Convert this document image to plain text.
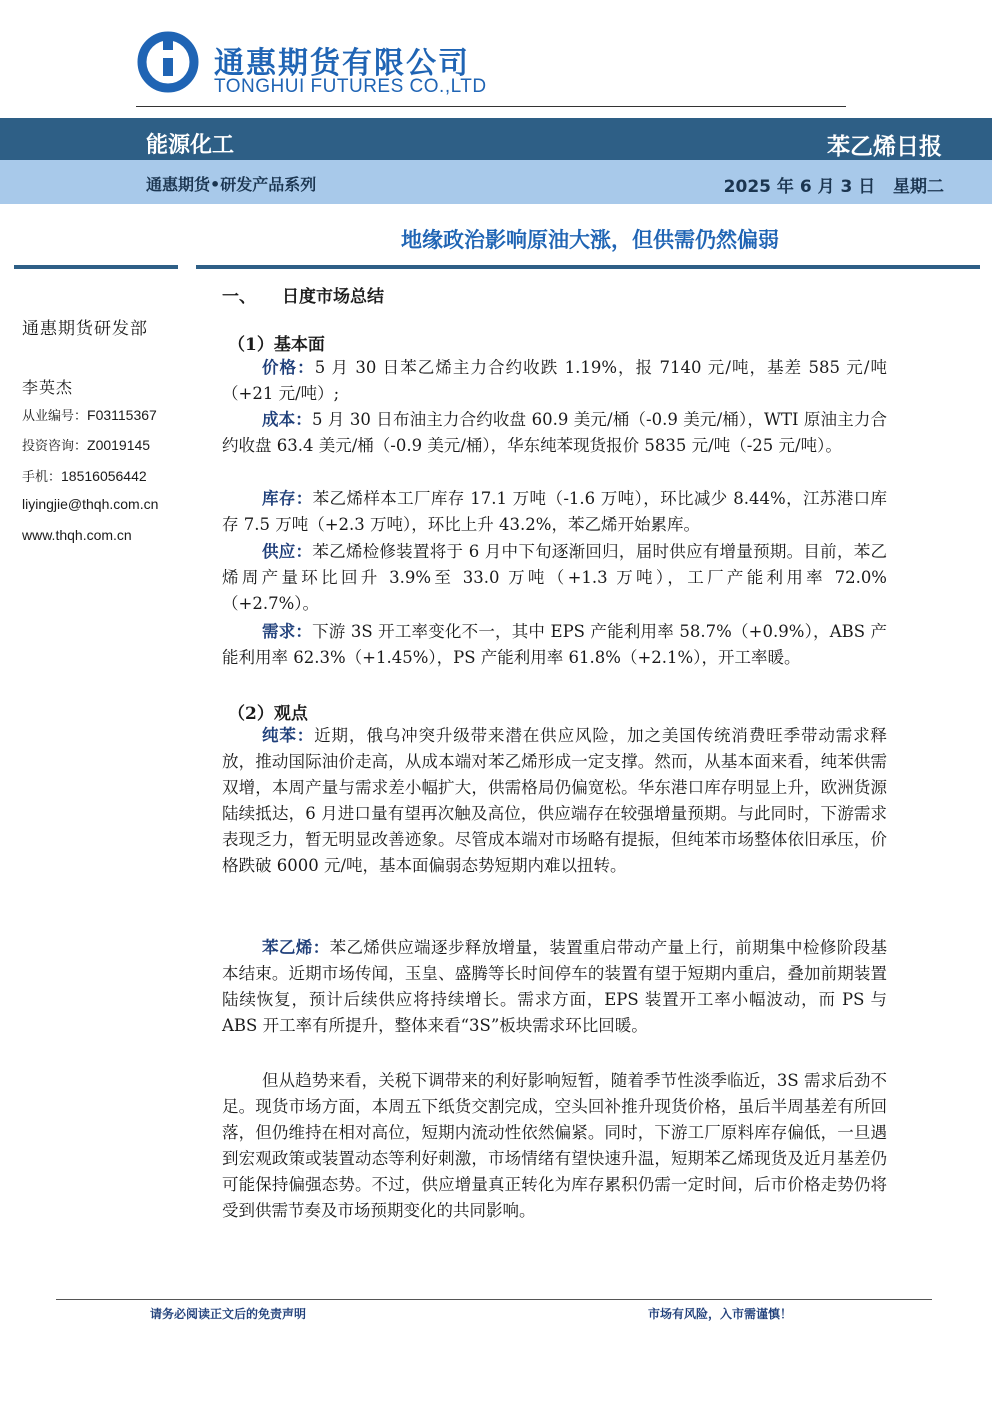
通惠期货有限公司
TONGHUI FUTURES CO.,LTD
能源化工	苯乙烯日报
通惠期货•研发产品系列	2025 年 6 月 3 日   星期二
地缘政治影响原油大涨，但供需仍然偏弱
通惠期货研发部
李英杰
从业编号：F03115367
投资咨询：Z0019145
手机：18516056442
liyingjie@thqh.com.cn
www.thqh.com.cn
一、 日度市场总结
（1）基本面
价格：5 月 30 日苯乙烯主力合约收跌 1.19%，报 7140 元/吨，基差 585 元/吨（+21 元/吨）;
成本：5 月 30 日布油主力合约收盘 60.9 美元/桶（-0.9 美元/桶），WTI 原油主力合约收盘 63.4 美元/桶（-0.9 美元/桶），华东纯苯现货报价 5835 元/吨（-25 元/吨）。
库存：苯乙烯样本工厂库存 17.1 万吨（-1.6 万吨），环比减少 8.44%，江苏港口库存 7.5 万吨（+2.3 万吨），环比上升 43.2%，苯乙烯开始累库。
供应：苯乙烯检修装置将于 6 月中下旬逐渐回归，届时供应有增量预期。目前，苯乙烯周产量环比回升 3.9%至 33.0 万吨（+1.3 万吨），工厂产能利用率 72.0%（+2.7%）。
需求：下游 3S 开工率变化不一，其中 EPS 产能利用率 58.7%（+0.9%），ABS 产能利用率 62.3%（+1.45%），PS 产能利用率 61.8%（+2.1%），开工率暖。
（2）观点
纯苯：近期，俄乌冲突升级带来潜在供应风险，加之美国传统消费旺季带动需求释放，推动国际油价走高，从成本端对苯乙烯形成一定支撑。然而，从基本面来看，纯苯供需双增，本周产量与需求差小幅扩大，供需格局仍偏宽松。华东港口库存明显上升，欧洲货源陆续抵达，6 月进口量有望再次触及高位，供应端存在较强增量预期。与此同时，下游需求表现乏力，暂无明显改善迹象。尽管成本端对市场略有提振，但纯苯市场整体依旧承压，价格跌破 6000 元/吨，基本面偏弱态势短期内难以扭转。
苯乙烯：苯乙烯供应端逐步释放增量，装置重启带动产量上行，前期集中检修阶段基本结束。近期市场传闻，玉皇、盛腾等长时间停车的装置有望于短期内重启，叠加前期装置陆续恢复，预计后续供应将持续增长。需求方面，EPS 装置开工率小幅波动，而 PS 与 ABS 开工率有所提升，整体来看“3S”板块需求环比回暖。
但从趋势来看，关税下调带来的利好影响短暂，随着季节性淡季临近，3S 需求后劲不足。现货市场方面，本周五下纸货交割完成，空头回补推升现货价格，虽后半周基差有所回落，但仍维持在相对高位，短期内流动性依然偏紧。同时，下游工厂原料库存偏低，一旦遇到宏观政策或装置动态等利好刺激，市场情绪有望快速升温，短期苯乙烯现货及近月基差仍可能保持偏强态势。不过，供应增量真正转化为库存累积仍需一定时间，后市价格走势仍将受到供需节奏及市场预期变化的共同影响。
请务必阅读正文后的免责声明	市场有风险，入市需谨慎！
